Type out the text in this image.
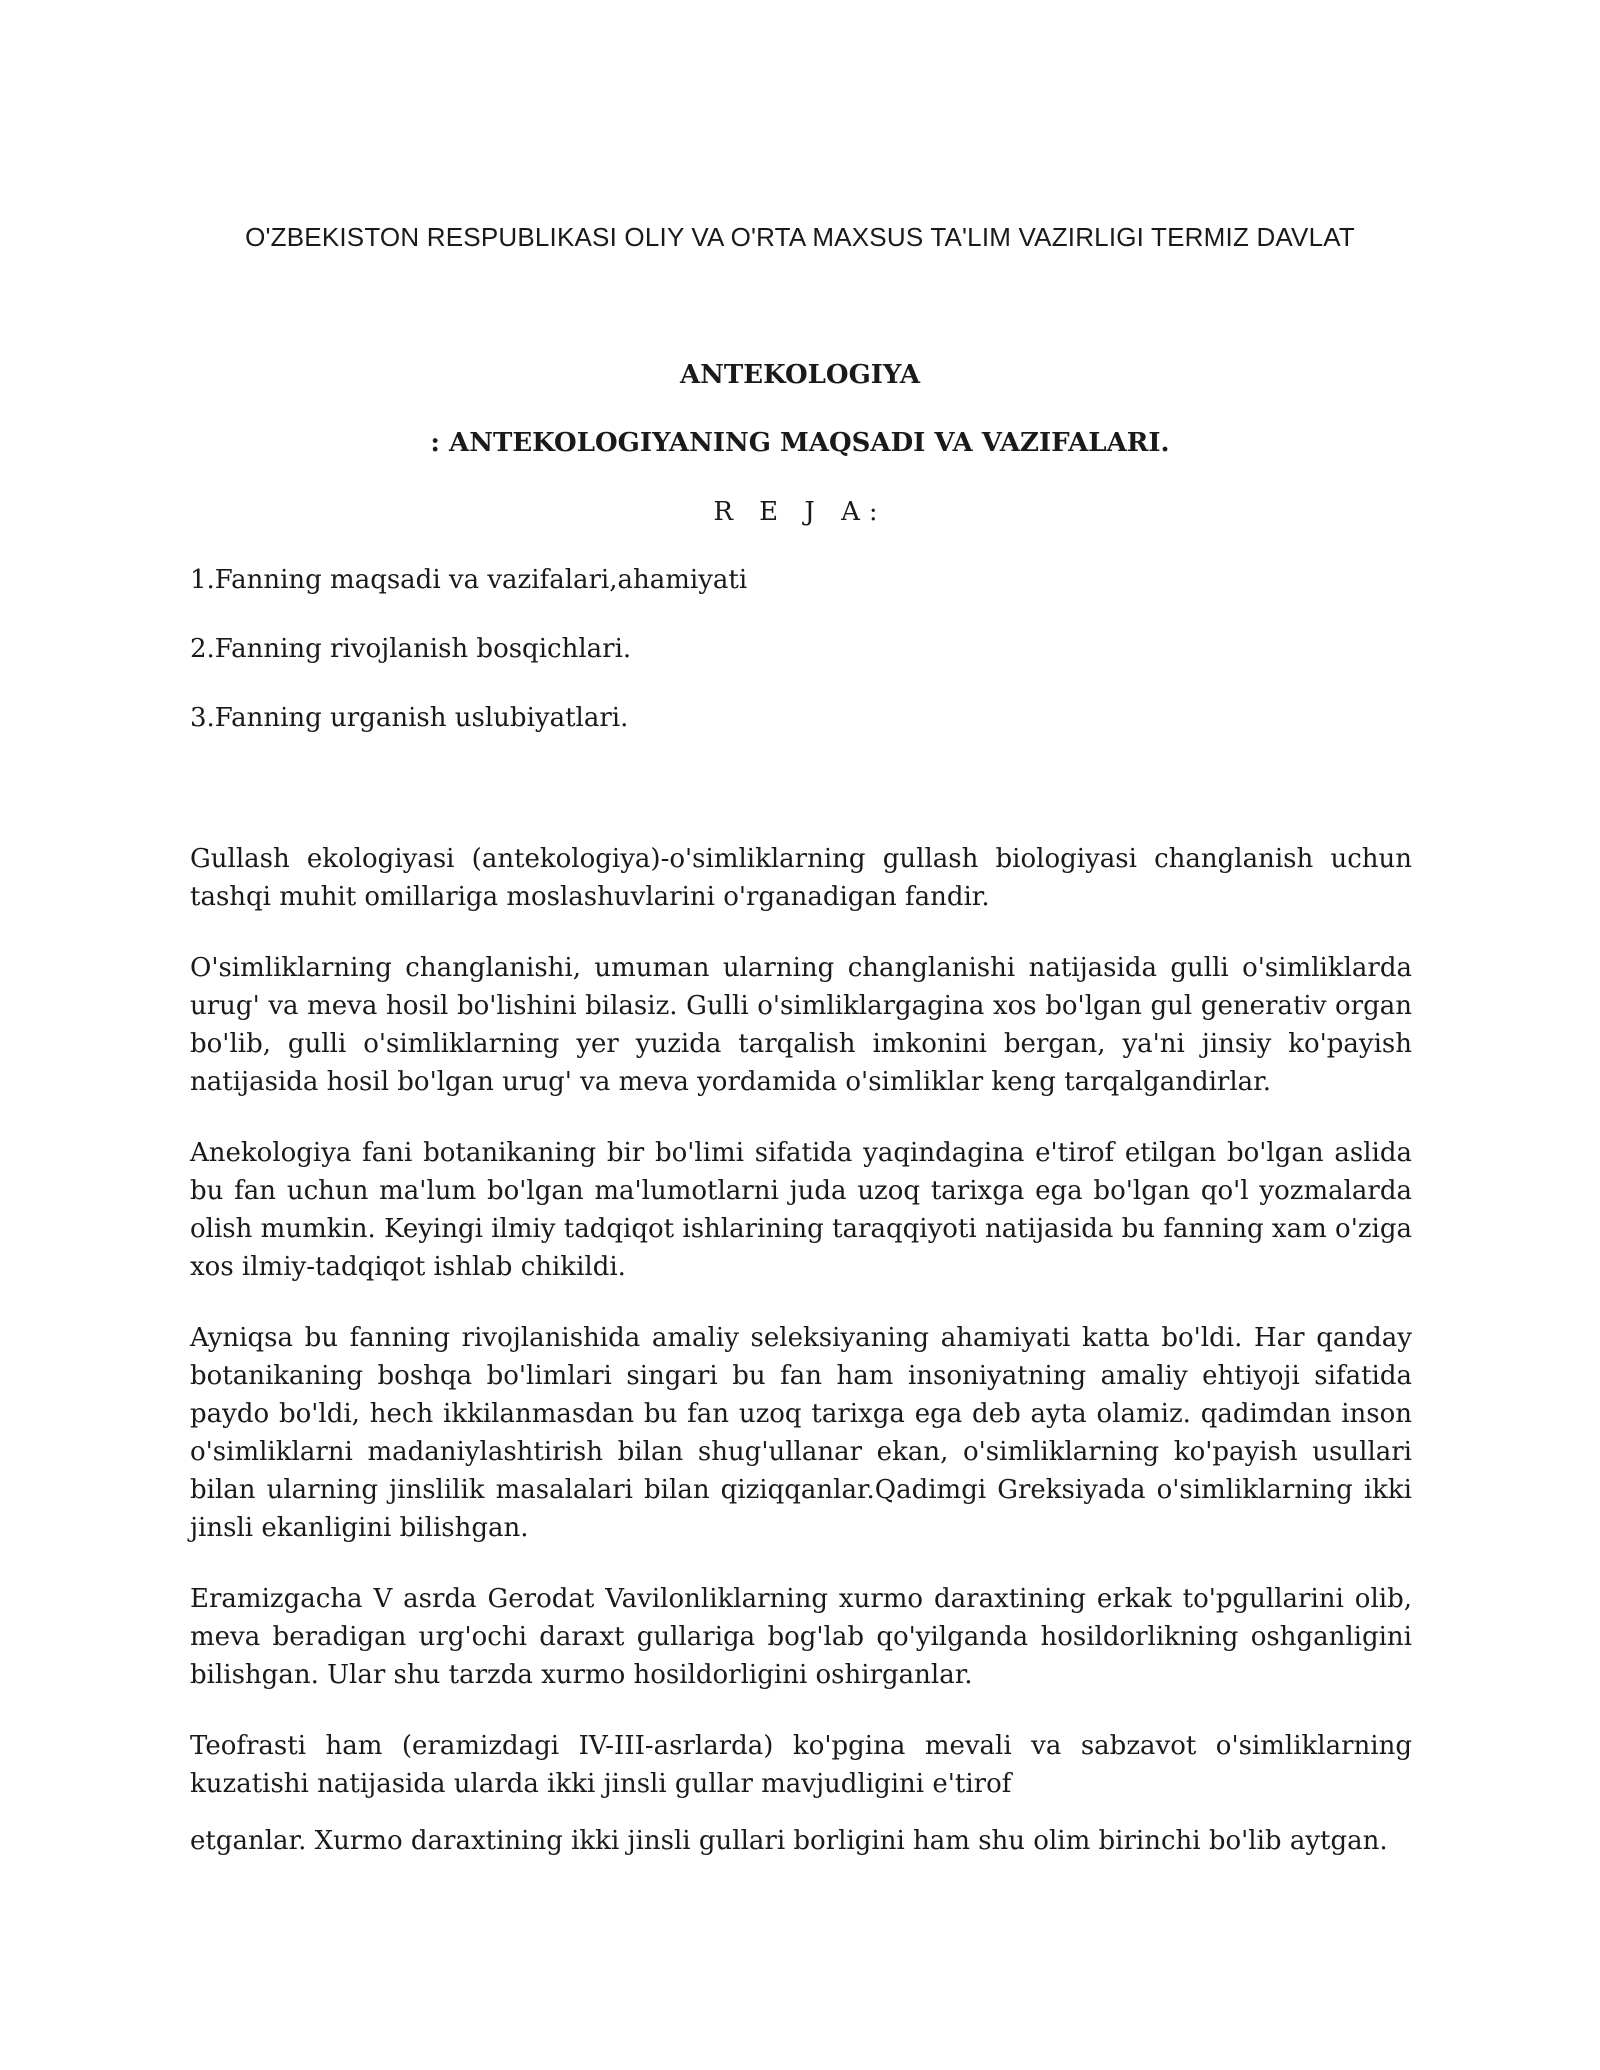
O'ZBEKISTON RESPUBLIKASI OLIY VA O'RTA MAXSUS TA'LIM VAZIRLIGI TERMIZ DAVLAT
ANTEKOLOGIYA
: ANTEKOLOGIYANING MAQSADI VA VAZIFALARI.
R E J A:
1.Fanning maqsadi va vazifalari,ahamiyati
2.Fanning rivojlanish bosqichlari.
3.Fanning urganish uslubiyatlari.

Gullash ekologiyasi (antekologiya)-o'simliklarning gullash biologiyasi changlanish uchun tashqi muhit omillariga moslashuvlarini o'rganadigan fandir.

O'simliklarning changlanishi, umuman ularning changlanishi natijasida gulli o'simliklarda urug' va meva hosil bo'lishini bilasiz. Gulli o'simliklargagina xos bo'lgan gul generativ organ bo'lib, gulli o'simliklarning yer yuzida tarqalish imkonini bergan, ya'ni jinsiy ko'payish natijasida hosil bo'lgan urug' va meva yordamida o'simliklar keng tarqalgandirlar.

Anekologiya fani botanikaning bir bo'limi sifatida yaqindagina e'tirof etilgan bo'lgan aslida bu fan uchun ma'lum bo'lgan ma'lumotlarni juda uzoq tarixga ega bo'lgan qo'l yozmalarda olish mumkin. Keyingi ilmiy tadqiqot ishlarining taraqqiyoti natijasida bu fanning xam o'ziga xos ilmiy-tadqiqot ishlab chikildi.

Ayniqsa bu fanning rivojlanishida amaliy seleksiyaning ahamiyati katta bo'ldi. Har qanday botanikaning boshqa bo'limlari singari bu fan ham insoniyatning amaliy ehtiyoji sifatida paydo bo'ldi, hech ikkilanmasdan bu fan uzoq tarixga ega deb ayta olamiz. qadimdan inson o'simliklarni madaniylashtirish bilan shug'ullanar ekan, o'simliklarning ko'payish usullari bilan ularning jinslilik masalalari bilan qiziqqanlar.Qadimgi Greksiyada o'simliklarning ikki jinsli ekanligini bilishgan.

Eramizgacha V asrda Gerodat Vavilonliklarning xurmo daraxtining erkak to'pgullarini olib, meva beradigan urg'ochi daraxt gullariga bog'lab qo'yilganda hosildorlikning oshganligini bilishgan. Ular shu tarzda xurmo hosildorligini oshirganlar.

Teofrasti ham (eramizdagi IV-III-asrlarda) ko'pgina mevali va sabzavot o'simliklarning kuzatishi natijasida ularda ikki jinsli gullar mavjudligini e'tirof

etganlar. Xurmo daraxtining ikki jinsli gullari borligini ham shu olim birinchi bo'lib aytgan.
